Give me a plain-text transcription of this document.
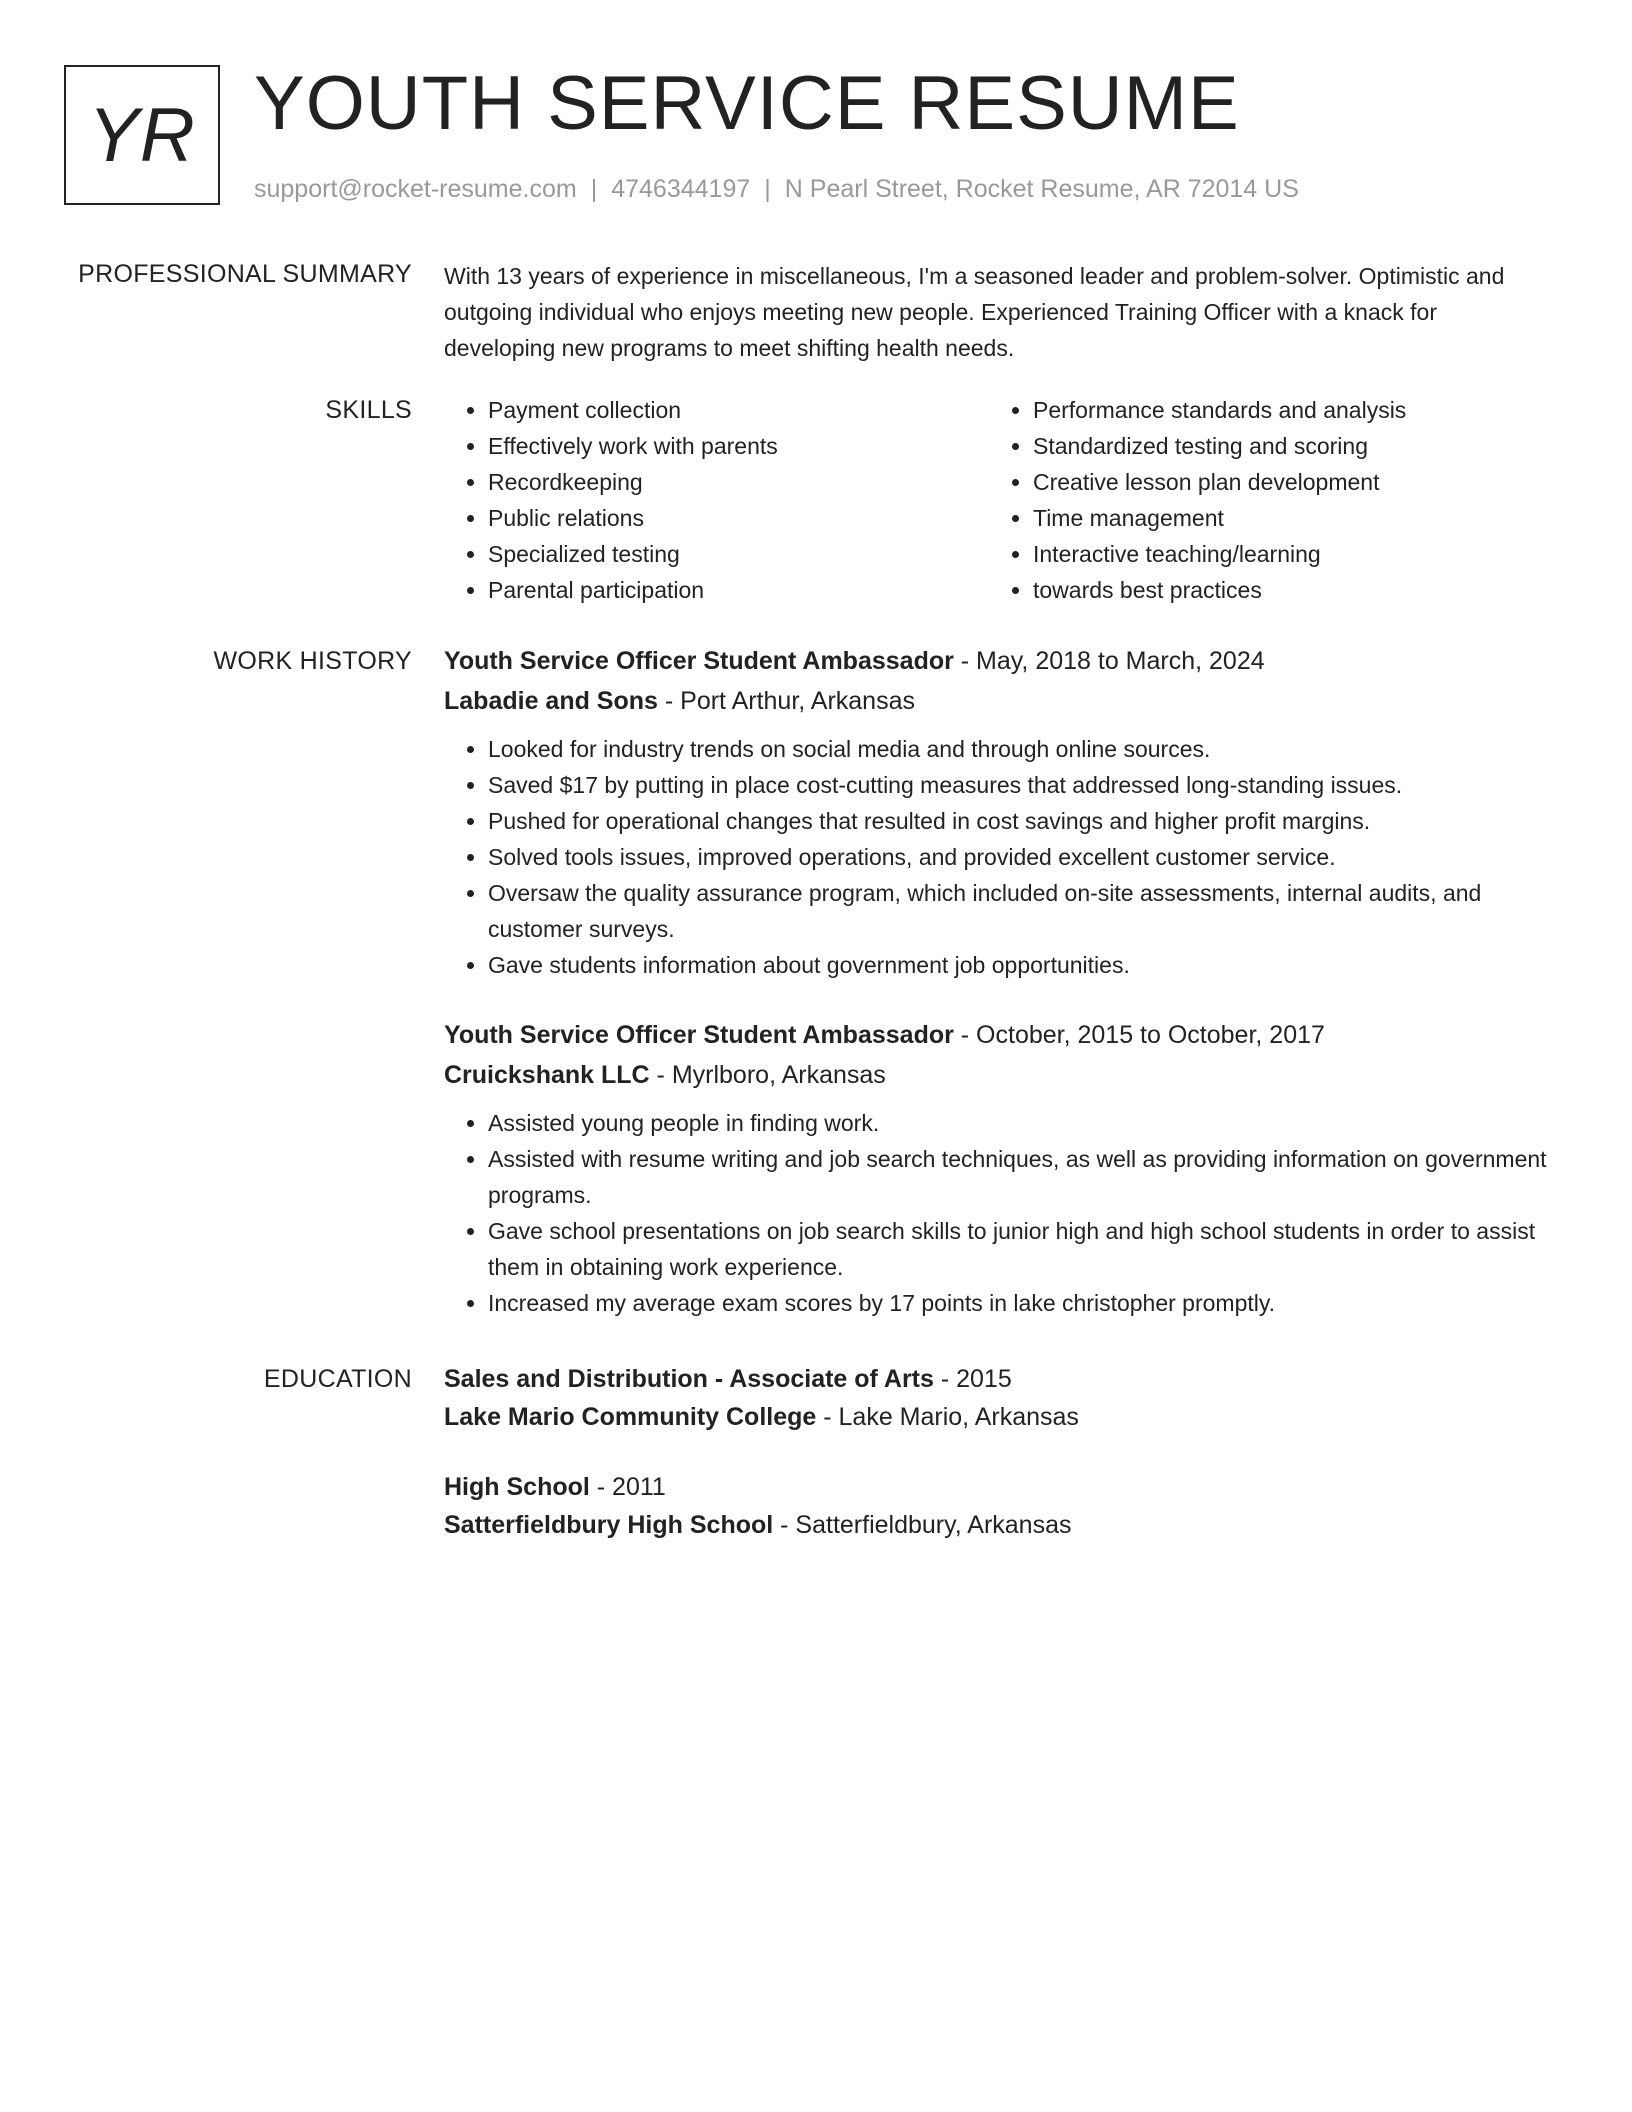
YR YOUTH SERVICE RESUME
support@rocket-resume.com | 4746344197 | N Pearl Street, Rocket Resume, AR 72014 US
PROFESSIONAL SUMMARY With 13 years of experience in miscellaneous, I'm a seasoned leader and problem-solver. Optimistic and outgoing individual who enjoys meeting new people. Experienced Training Officer with a knack for developing new programs to meet shifting health needs.

SKILLS
•	Payment collection
• Effectively work with parents
• Recordkeeping
• Public relations
• Specialized testing
• Parental participation
• Performance standards and analysis
• Standardized testing and scoring
• Creative lesson plan development
• Time management
• Interactive teaching/learning
• towards best practices
WORK HISTORY Youth Service Officer Student Ambassador - May, 2018 to March, 2024
Labadie and Sons - Port Arthur, Arkansas
• Looked for industry trends on social media and through online sources.
• Saved $17 by putting in place cost-cutting measures that addressed long-standing issues.
• Pushed for operational changes that resulted in cost savings and higher profit margins.
• Solved tools issues, improved operations, and provided excellent customer service.
• Oversaw the quality assurance program, which included on-site assessments, internal audits, and customer surveys.
• Gave students information about government job opportunities.
Youth Service Officer Student Ambassador - October, 2015 to October, 2017
Cruickshank LLC - Myrlboro, Arkansas
• Assisted young people in finding work.
• Assisted with resume writing and job search techniques, as well as providing information on government programs.
• Gave school presentations on job search skills to junior high and high school students in order to assist them in obtaining work experience.
• Increased my average exam scores by 17 points in lake christopher promptly.
EDUCATION Sales and Distribution - Associate of Arts - 2015
Lake Mario Community College - Lake Mario, Arkansas
High School - 2011
Satterfieldbury High School - Satterfieldbury, Arkansas
